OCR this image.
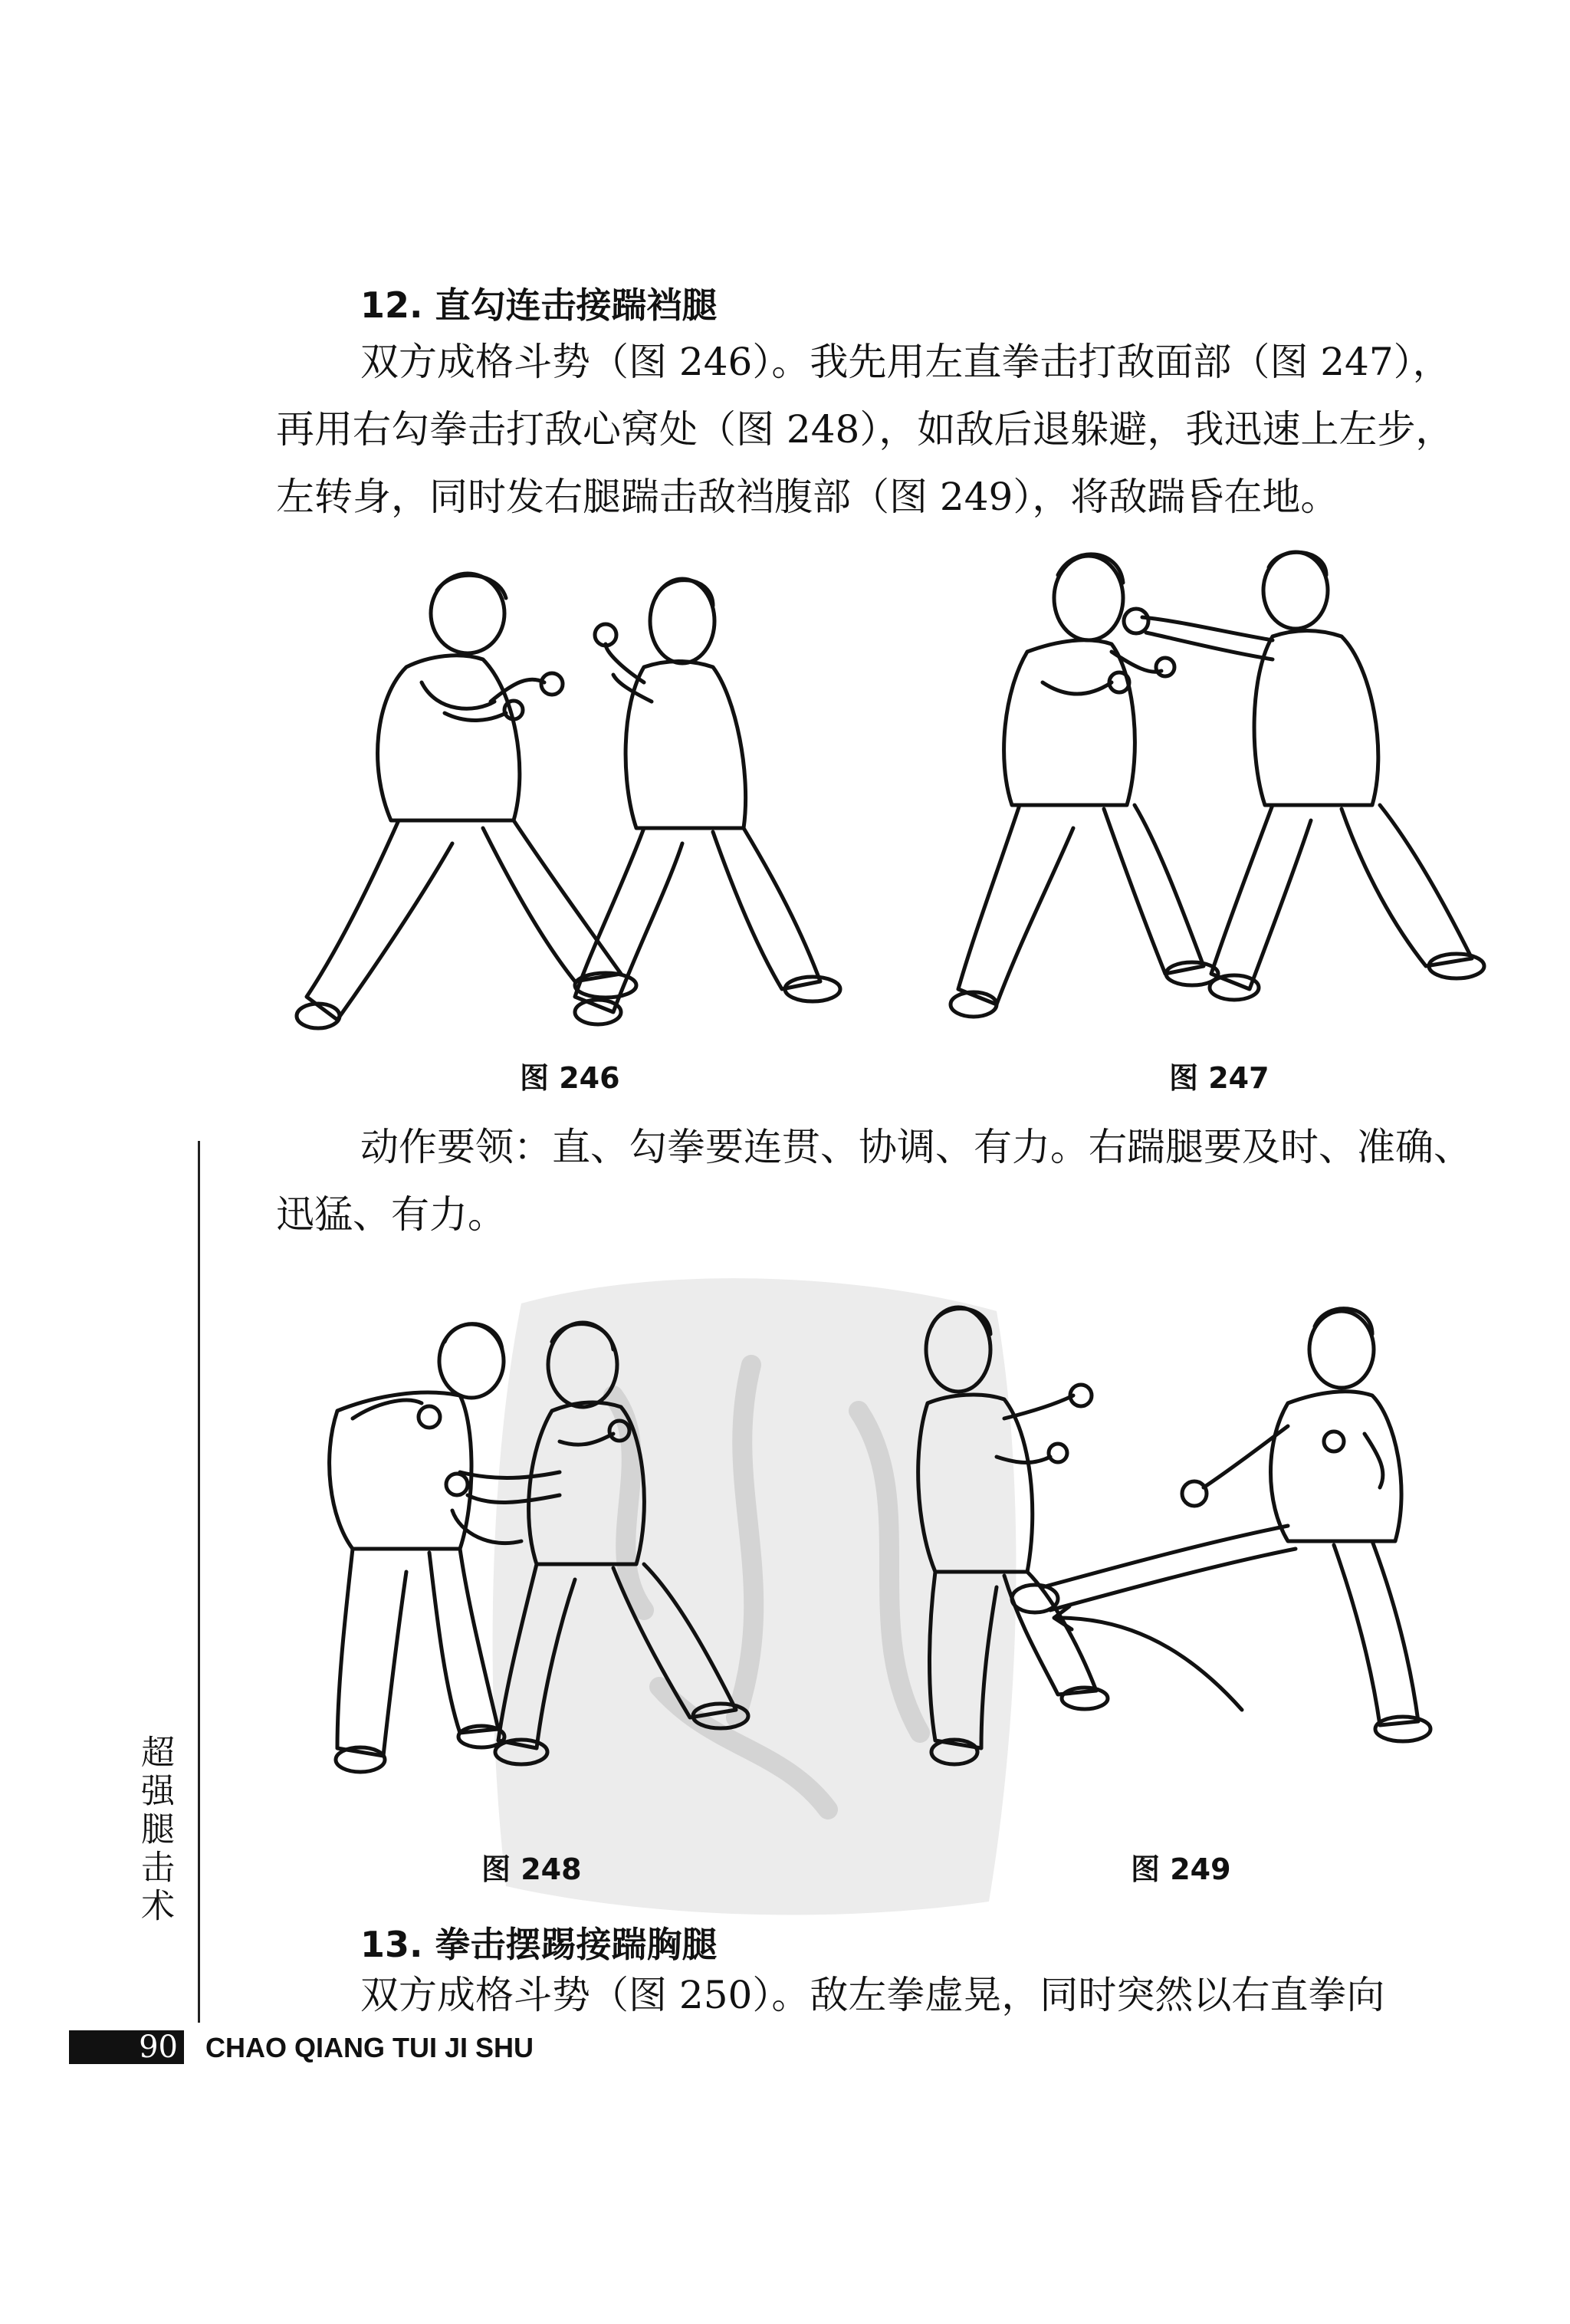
12. 直勾连击接踹裆腿
双方成格斗势（图 246）。我先用左直拳击打敌面部（图 247），再用右勾拳击打敌心窝处（图 248），如敌后退躲避，我迅速上左步，左转身，同时发右腿踹击敌裆腹部（图 249），将敌踹昏在地。
图 246	图 247
动作要领：直、勾拳要连贯、协调、有力。右踹腿要及时、准确、迅猛、有力。
图 248	图 249
13. 拳击摆踢接踹胸腿
双方成格斗势（图 250）。敌左拳虚晃，同时突然以右直拳向
超强腿击术
90 CHAO QIANG TUI JI SHU
